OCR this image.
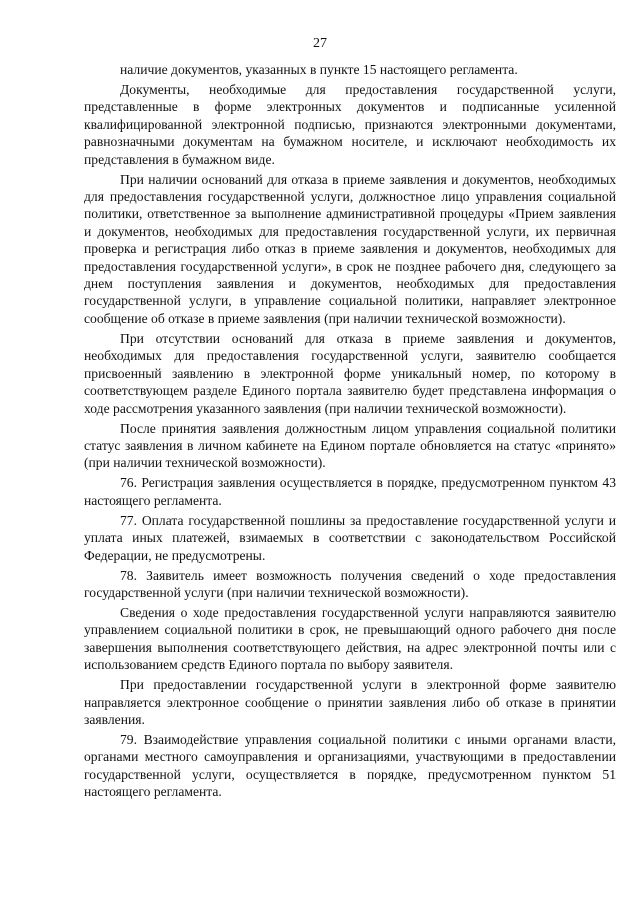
27

наличие документов, указанных в пункте 15 настоящего регламента.

Документы, необходимые для предоставления государственной услуги, представленные в форме электронных документов и подписанные усиленной квалифицированной электронной подписью, признаются электронными документами, равнозначными документам на бумажном носителе, и исключают необходимость их представления в бумажном виде.

При наличии оснований для отказа в приеме заявления и документов, необходимых для предоставления государственной услуги, должностное лицо управления социальной политики, ответственное за выполнение административной процедуры «Прием заявления и документов, необходимых для предоставления государственной услуги, их первичная проверка и регистрация либо отказ в приеме заявления и документов, необходимых для предоставления государственной услуги», в срок не позднее рабочего дня, следующего за днем поступления заявления и документов, необходимых для предоставления государственной услуги, в управление социальной политики, направляет электронное сообщение об отказе в приеме заявления (при наличии технической возможности).

При отсутствии оснований для отказа в приеме заявления и документов, необходимых для предоставления государственной услуги, заявителю сообщается присвоенный заявлению в электронной форме уникальный номер, по которому в соответствующем разделе Единого портала заявителю будет представлена информация о ходе рассмотрения указанного заявления (при наличии технической возможности).

После принятия заявления должностным лицом управления социальной политики статус заявления в личном кабинете на Едином портале обновляется на статус «принято» (при наличии технической возможности).

76. Регистрация заявления осуществляется в порядке, предусмотренном пунктом 43 настоящего регламента.

77. Оплата государственной пошлины за предоставление государственной услуги и уплата иных платежей, взимаемых в соответствии с законодательством Российской Федерации, не предусмотрены.

78. Заявитель имеет возможность получения сведений о ходе предоставления государственной услуги (при наличии технической возможности).

Сведения о ходе предоставления государственной услуги направляются заявителю управлением социальной политики в срок, не превышающий одного рабочего дня после завершения выполнения соответствующего действия, на адрес электронной почты или с использованием средств Единого портала по выбору заявителя.

При предоставлении государственной услуги в электронной форме заявителю направляется электронное сообщение о принятии заявления либо об отказе в принятии заявления.

79. Взаимодействие управления социальной политики с иными органами власти, органами местного самоуправления и организациями, участвующими в предоставлении государственной услуги, осуществляется в порядке, предусмотренном пунктом 51 настоящего регламента.
